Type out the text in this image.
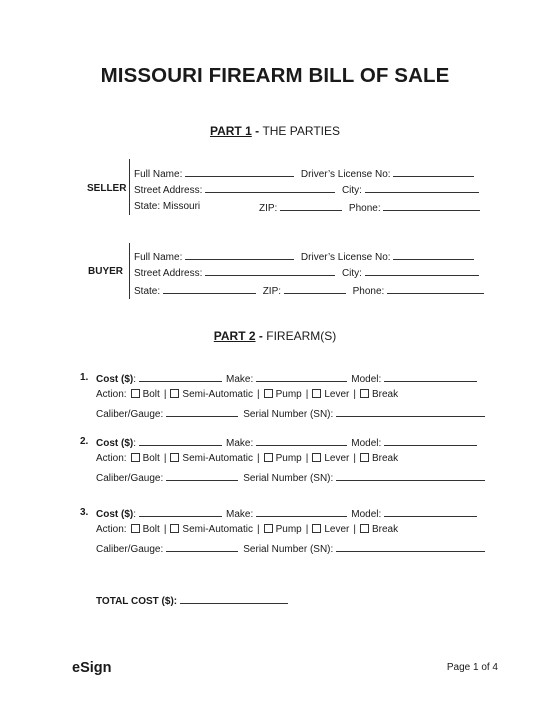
MISSOURI FIREARM BILL OF SALE
PART 1 - THE PARTIES
SELLER
Full Name:	Driver’s License No:
Street Address:	City:
State: Missouri	ZIP:	Phone:
BUYER
Full Name:	Driver’s License No:
Street Address:	City:
State:	ZIP:	Phone:
PART 2 - FIREARM(S)
1. Cost ($):	Make:	Model:
Action: Bolt | Semi-Automatic | Pump | Lever | Break
Caliber/Gauge:	Serial Number (SN):
2. Cost ($):	Make:	Model:
Action: Bolt | Semi-Automatic | Pump | Lever | Break
Caliber/Gauge:	Serial Number (SN):
3. Cost ($):	Make:	Model:
Action: Bolt | Semi-Automatic | Pump | Lever | Break
Caliber/Gauge:	Serial Number (SN):
TOTAL COST ($):
eSign	Page 1 of 4
